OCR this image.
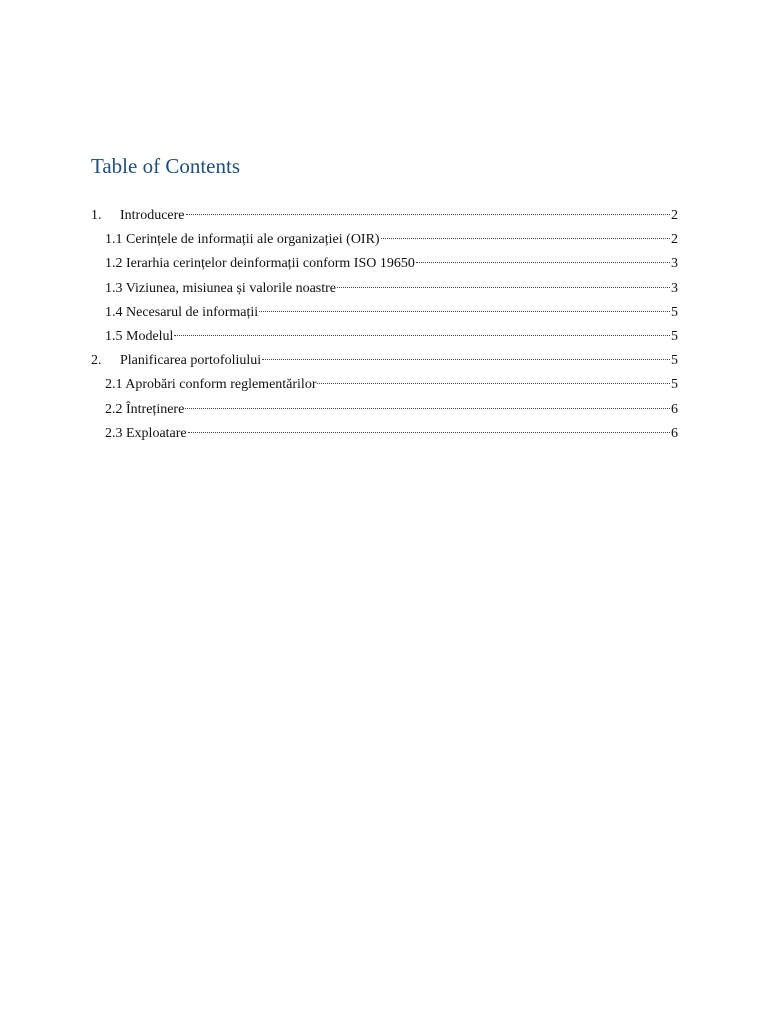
Table of Contents
1.	Introducere	2
1.1 Cerințele de informații ale organizației (OIR)	2
1.2 Ierarhia cerințelor deinformații conform ISO 19650	3
1.3 Viziunea, misiunea și valorile noastre	3
1.4 Necesarul de informații	5
1.5 Modelul	5
2.	Planificarea portofoliului	5
2.1 Aprobări conform reglementărilor	5
2.2 Întreținere	6
2.3 Exploatare	6
